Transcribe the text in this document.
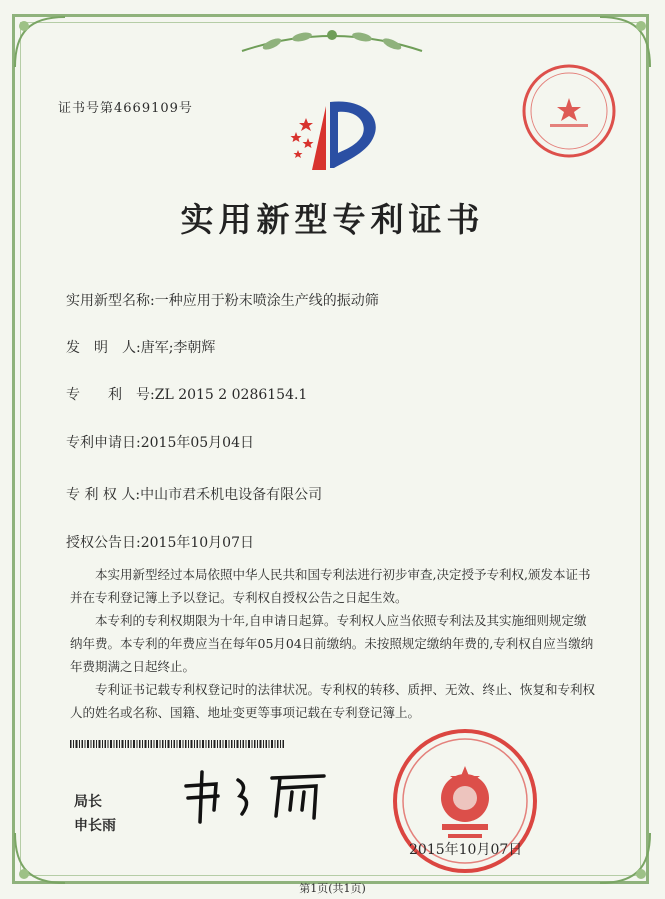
证书号第4669109号
实用新型专利证书
实用新型名称:一种应用于粉末喷涂生产线的振动筛
发　明　人:唐军;李朝辉
专　　利　号:ZL 2015 2 0286154.1
专利申请日:2015年05月04日
专 利 权 人:中山市君禾机电设备有限公司
授权公告日:2015年10月07日

本实用新型经过本局依照中华人民共和国专利法进行初步审查,决定授予专利权,颁发本证书并在专利登记簿上予以登记。专利权自授权公告之日起生效。

本专利的专利权期限为十年,自申请日起算。专利权人应当依照专利法及其实施细则规定缴纳年费。本专利的年费应当在每年05月04日前缴纳。未按照规定缴纳年费的,专利权自应当缴纳年费期满之日起终止。

专利证书记载专利权登记时的法律状况。专利权的转移、质押、无效、终止、恢复和专利权人的姓名或名称、国籍、地址变更等事项记载在专利登记簿上。

局长
申长雨
2015年10月07日
第1页(共1页)
